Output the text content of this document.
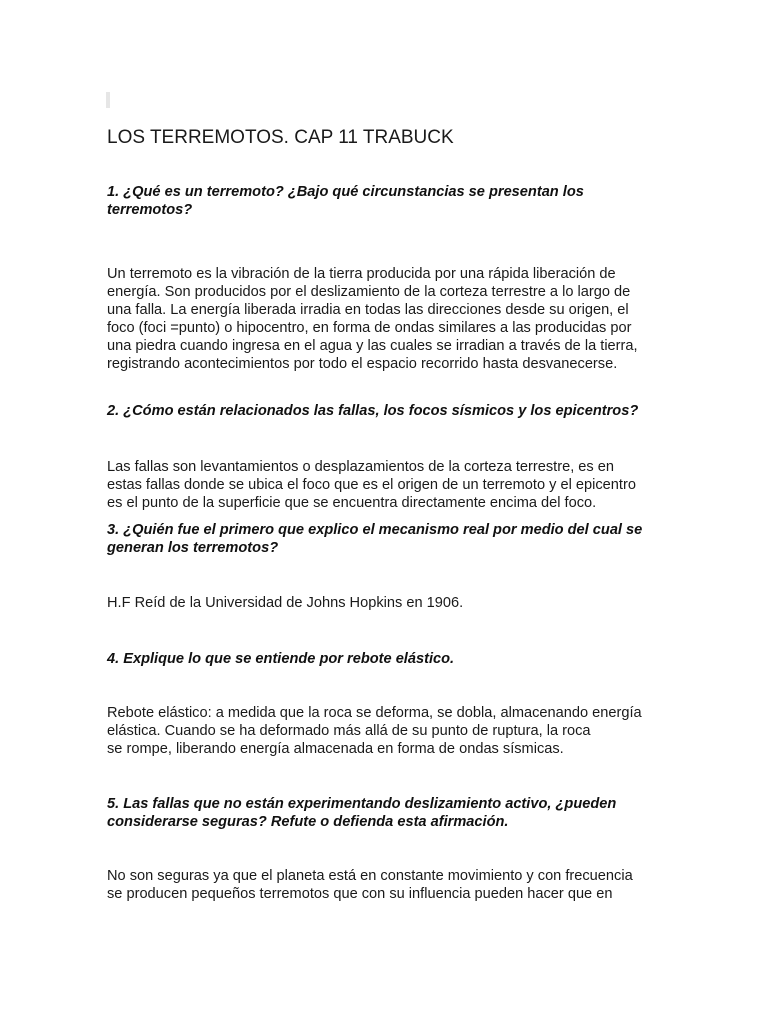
LOS TERREMOTOS. CAP 11 TRABUCK

1. ¿Qué es un terremoto? ¿Bajo qué circunstancias se presentan los
terremotos?

Un terremoto es la vibración de la tierra producida por una rápida liberación de
energía. Son producidos por el deslizamiento de la corteza terrestre a lo largo de
una falla. La energía liberada irradia en todas las direcciones desde su origen, el
foco (foci =punto) o hipocentro, en forma de ondas similares a las producidas por
una piedra cuando ingresa en el agua y las cuales se irradian a través de la tierra,
registrando acontecimientos por todo el espacio recorrido hasta desvanecerse.

2. ¿Cómo están relacionados las fallas, los focos sísmicos y los epicentros?

Las fallas son levantamientos o desplazamientos de la corteza terrestre, es en
estas fallas donde se ubica el foco que es el origen de un terremoto y el epicentro
es el punto de la superficie que se encuentra directamente encima del foco.

3. ¿Quién fue el primero que explico el mecanismo real por medio del cual se
generan los terremotos?

H.F Reíd de la Universidad de Johns Hopkins en 1906.

4. Explique lo que se entiende por rebote elástico.

Rebote elástico: a medida que la roca se deforma, se dobla, almacenando energía
elástica. Cuando se ha deformado más allá de su punto de ruptura, la roca
se rompe, liberando energía almacenada en forma de ondas sísmicas.

5. Las fallas que no están experimentando deslizamiento activo, ¿pueden
considerarse seguras? Refute o defienda esta afirmación.

No son seguras ya que el planeta está en constante movimiento y con frecuencia
se producen pequeños terremotos que con su influencia pueden hacer que en
